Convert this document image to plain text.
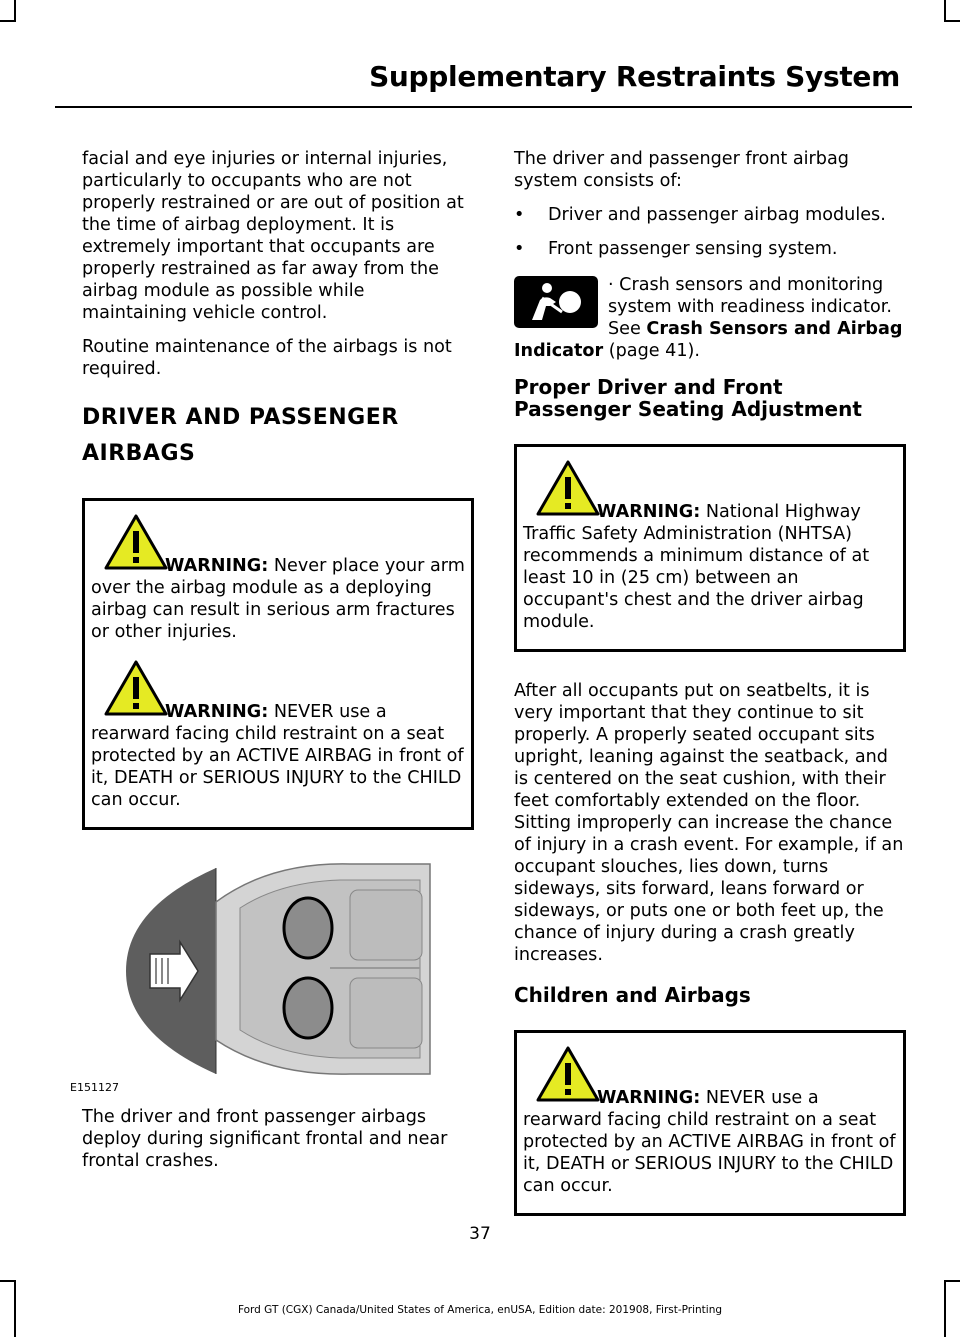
Supplementary Restraints System

facial and eye injuries or internal injuries, particularly to occupants who are not properly restrained or are out of position at the time of airbag deployment. It is extremely important that occupants are properly restrained as far away from the airbag module as possible while maintaining vehicle control.

Routine maintenance of the airbags is not required.

DRIVER AND PASSENGER
AIRBAGS
WARNING: Never place your arm over the airbag module as a deploying airbag can result in serious arm fractures or other injuries.
WARNING: NEVER use a rearward facing child restraint on a seat protected by an ACTIVE AIRBAG in front of it, DEATH or SERIOUS INJURY to the CHILD can occur.
E151127

The driver and front passenger airbags deploy during significant frontal and near frontal crashes.

The driver and passenger front airbag system consists of:

• Driver and passenger airbag modules.
• Front passenger sensing system.

· Crash sensors and monitoring system with readiness indicator. See Crash Sensors and Airbag Indicator (page 41).

Proper Driver and Front Passenger Seating Adjustment
WARNING: National Highway Traffic Safety Administration (NHTSA) recommends a minimum distance of at least 10 in (25 cm) between an occupant's chest and the driver airbag module.

After all occupants put on seatbelts, it is very important that they continue to sit properly. A properly seated occupant sits upright, leaning against the seatback, and is centered on the seat cushion, with their feet comfortably extended on the floor. Sitting improperly can increase the chance of injury in a crash event. For example, if an occupant slouches, lies down, turns sideways, sits forward, leans forward or sideways, or puts one or both feet up, the chance of injury during a crash greatly increases.

Children and Airbags
WARNING: NEVER use a rearward facing child restraint on a seat protected by an ACTIVE AIRBAG in front of it, DEATH or SERIOUS INJURY to the CHILD can occur.
37
Ford GT (CGX) Canada/United States of America, enUSA, Edition date: 201908, First-Printing
